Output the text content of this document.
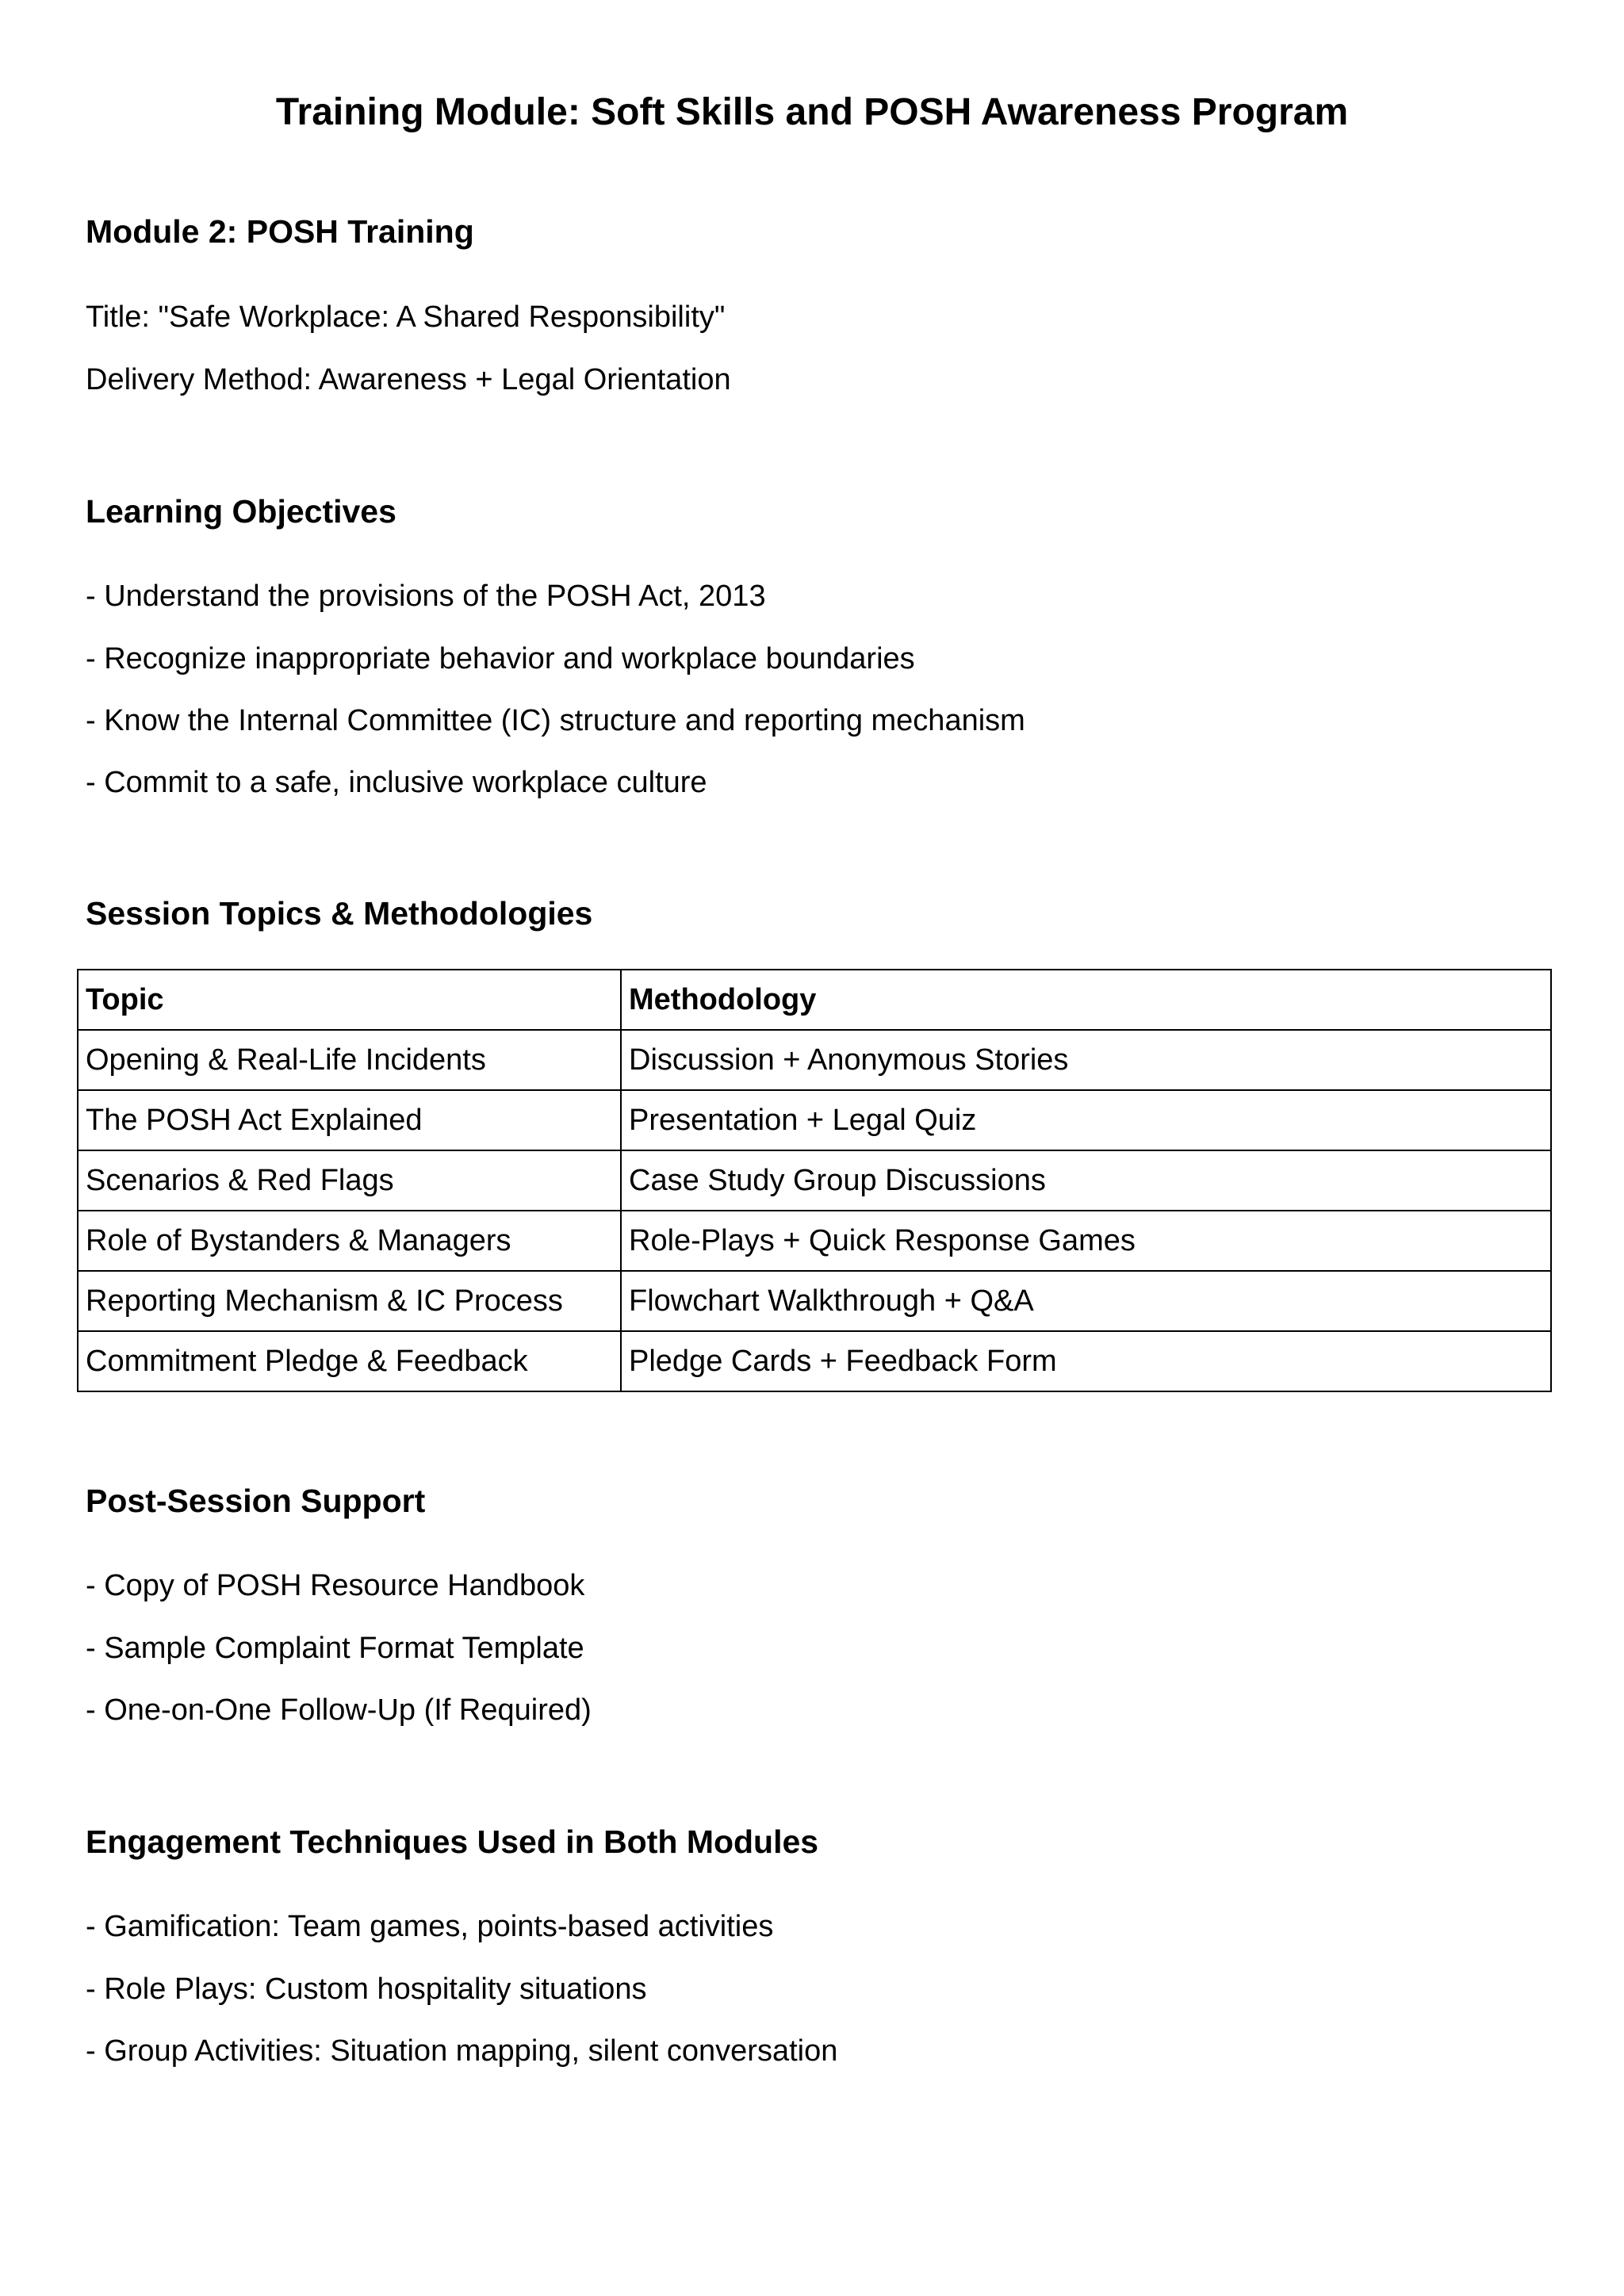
Training Module: Soft Skills and POSH Awareness Program
Module 2: POSH Training

Title: "Safe Workplace: A Shared Responsibility"

Delivery Method: Awareness + Legal Orientation

Learning Objectives

- Understand the provisions of the POSH Act, 2013

- Recognize inappropriate behavior and workplace boundaries

- Know the Internal Committee (IC) structure and reporting mechanism

- Commit to a safe, inclusive workplace culture

Session Topics & Methodologies
Topic	Methodology
Opening & Real-Life Incidents	Discussion + Anonymous Stories
The POSH Act Explained	Presentation + Legal Quiz
Scenarios & Red Flags	Case Study Group Discussions
Role of Bystanders & Managers	Role-Plays + Quick Response Games
Reporting Mechanism & IC Process	Flowchart Walkthrough + Q&A
Commitment Pledge & Feedback	Pledge Cards + Feedback Form
Post-Session Support

- Copy of POSH Resource Handbook

- Sample Complaint Format Template

- One-on-One Follow-Up (If Required)

Engagement Techniques Used in Both Modules

- Gamification: Team games, points-based activities

- Role Plays: Custom hospitality situations

- Group Activities: Situation mapping, silent conversation
